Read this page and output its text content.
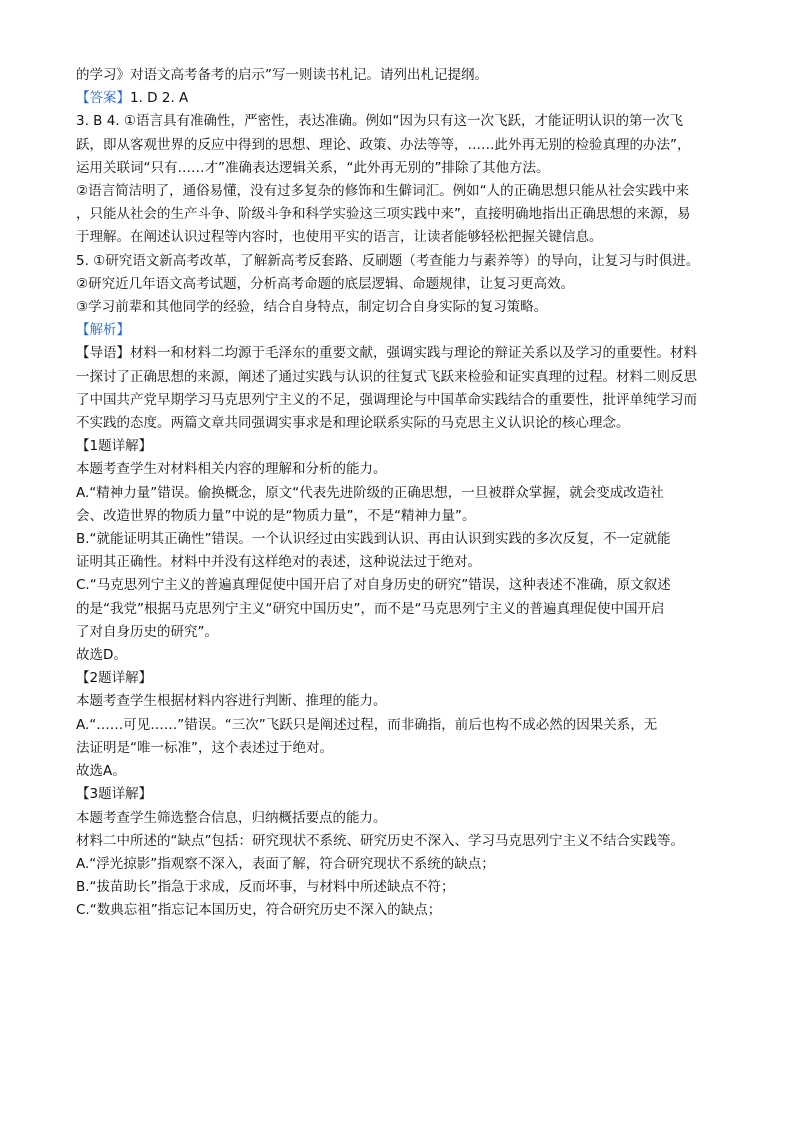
的学习》对语文高考备考的启示”写一则读书札记。请列出札记提纲。
【答案】1. D 2. A
3. B 4. ①语言具有准确性，严密性，表达准确。例如“因为只有这一次飞跃，才能证明认识的第一次飞
跃，即从客观世界的反应中得到的思想、理论、政策、办法等等，……此外再无别的检验真理的办法”，
运用关联词“只有……才”准确表达逻辑关系，“此外再无别的”排除了其他方法。
②语言简洁明了，通俗易懂，没有过多复杂的修饰和生僻词汇。例如“人的正确思想只能从社会实践中来
，只能从社会的生产斗争、阶级斗争和科学实验这三项实践中来”，直接明确地指出正确思想的来源，易
于理解。在阐述认识过程等内容时，也使用平实的语言，让读者能够轻松把握关键信息。
5. ①研究语文新高考改革，了解新高考反套路、反刷题（考查能力与素养等）的导向，让复习与时俱进。
②研究近几年语文高考试题，分析高考命题的底层逻辑、命题规律，让复习更高效。
③学习前辈和其他同学的经验，结合自身特点，制定切合自身实际的复习策略。
【解析】
【导语】材料一和材料二均源于毛泽东的重要文献，强调实践与理论的辩证关系以及学习的重要性。材料
一探讨了正确思想的来源，阐述了通过实践与认识的往复式飞跃来检验和证实真理的过程。材料二则反思
了中国共产党早期学习马克思列宁主义的不足，强调理论与中国革命实践结合的重要性，批评单纯学习而
不实践的态度。两篇文章共同强调实事求是和理论联系实际的马克思主义认识论的核心理念。
【1题详解】
本题考查学生对材料相关内容的理解和分析的能力。
A.“精神力量”错误。偷换概念，原文“代表先进阶级的正确思想，一旦被群众掌握，就会变成改造社
会、改造世界的物质力量”中说的是“物质力量”，不是“精神力量”。
B.“就能证明其正确性”错误。一个认识经过由实践到认识、再由认识到实践的多次反复，不一定就能
证明其正确性。材料中并没有这样绝对的表述，这种说法过于绝对。
C.“马克思列宁主义的普遍真理促使中国开启了对自身历史的研究”错误，这种表述不准确，原文叙述
的是“我党”根据马克思列宁主义“研究中国历史”，而不是“马克思列宁主义的普遍真理促使中国开启
了对自身历史的研究”。
故选D。
【2题详解】
本题考查学生根据材料内容进行判断、推理的能力。
A.“……可见……”错误。“三次”飞跃只是阐述过程，而非确指，前后也构不成必然的因果关系，无
法证明是“唯一标准”，这个表述过于绝对。
故选A。
【3题详解】
本题考查学生筛选整合信息，归纳概括要点的能力。
材料二中所述的“缺点”包括：研究现状不系统、研究历史不深入、学习马克思列宁主义不结合实践等。
A.“浮光掠影”指观察不深入，表面了解，符合研究现状不系统的缺点；
B.“拔苗助长”指急于求成，反而坏事，与材料中所述缺点不符；
C.“数典忘祖”指忘记本国历史，符合研究历史不深入的缺点；
